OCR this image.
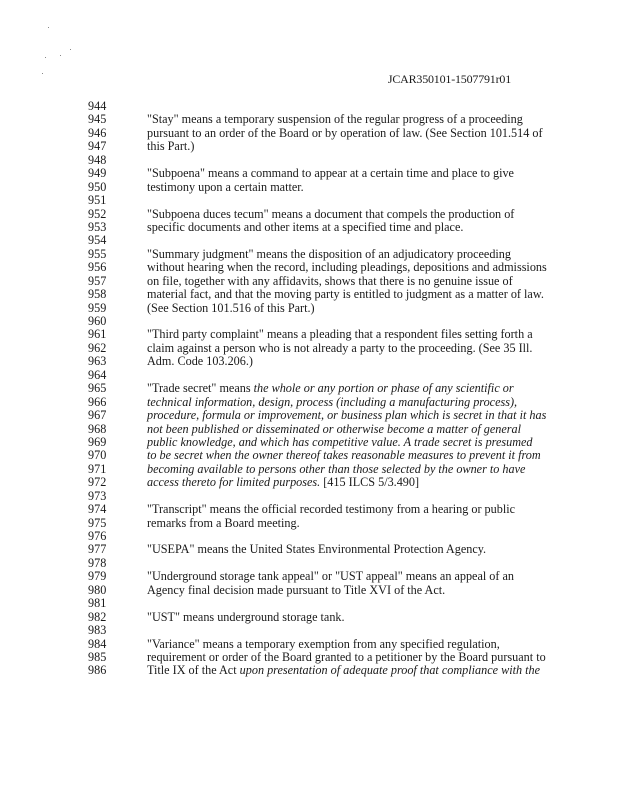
JCAR350101-1507791r01
944
945	"Stay" means a temporary suspension of the regular progress of a proceeding
946	pursuant to an order of the Board or by operation of law. (See Section 101.514 of
947	this Part.)
948
949	"Subpoena" means a command to appear at a certain time and place to give
950	testimony upon a certain matter.
951
952	"Subpoena duces tecum" means a document that compels the production of
953	specific documents and other items at a specified time and place.
954
955	"Summary judgment" means the disposition of an adjudicatory proceeding
956	without hearing when the record, including pleadings, depositions and admissions
957	on file, together with any affidavits, shows that there is no genuine issue of
958	material fact, and that the moving party is entitled to judgment as a matter of law.
959	(See Section 101.516 of this Part.)
960
961	"Third party complaint" means a pleading that a respondent files setting forth a
962	claim against a person who is not already a party to the proceeding. (See 35 Ill.
963	Adm. Code 103.206.)
964
965	"Trade secret" means the whole or any portion or phase of any scientific or
966	technical information, design, process (including a manufacturing process),
967	procedure, formula or improvement, or business plan which is secret in that it has
968	not been published or disseminated or otherwise become a matter of general
969	public knowledge, and which has competitive value. A trade secret is presumed
970	to be secret when the owner thereof takes reasonable measures to prevent it from
971	becoming available to persons other than those selected by the owner to have
972	access thereto for limited purposes. [415 ILCS 5/3.490]
973
974	"Transcript" means the official recorded testimony from a hearing or public
975	remarks from a Board meeting.
976
977	"USEPA" means the United States Environmental Protection Agency.
978
979	"Underground storage tank appeal" or "UST appeal" means an appeal of an
980	Agency final decision made pursuant to Title XVI of the Act.
981
982	"UST" means underground storage tank.
983
984	"Variance" means a temporary exemption from any specified regulation,
985	requirement or order of the Board granted to a petitioner by the Board pursuant to
986	Title IX of the Act upon presentation of adequate proof that compliance with the
